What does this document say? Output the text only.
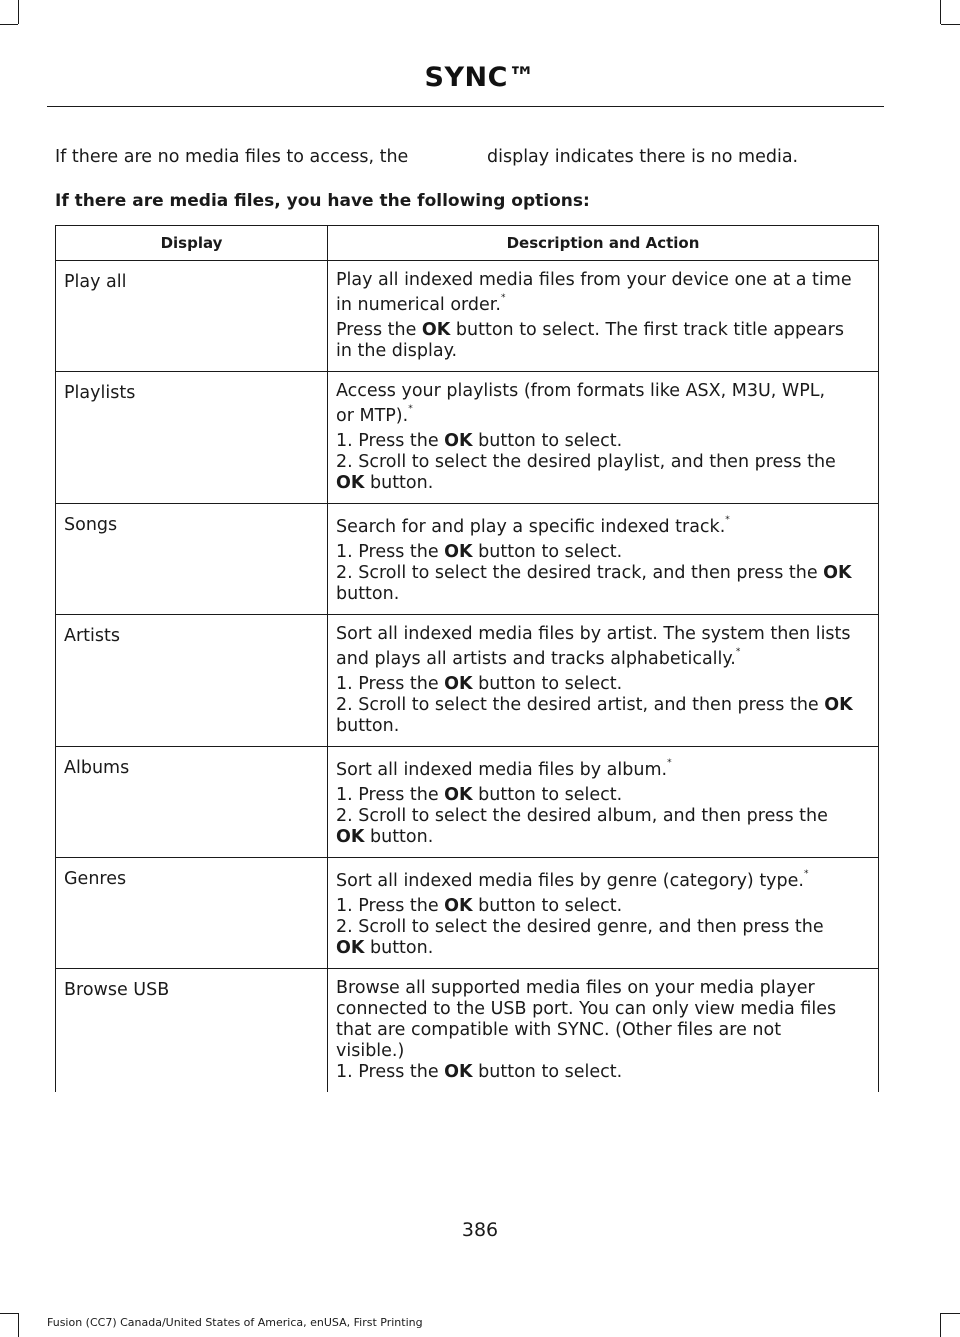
SYNC™
If there are no media files to access, the	display indicates there is no media.
If there are media files, you have the following options:
Display	Description and Action
Play all	Play all indexed media files from your device one at a time
in numerical order.*
Press the OK button to select. The first track title appears
in the display.

Playlists	Access your playlists (from formats like ASX, M3U, WPL,
or MTP).*
1. Press the OK button to select.
2. Scroll to select the desired playlist, and then press the
OK button.

Songs	Search for and play a specific indexed track.*
1. Press the OK button to select.
2. Scroll to select the desired track, and then press the OK
button.

Artists	Sort all indexed media files by artist. The system then lists
and plays all artists and tracks alphabetically.*
1. Press the OK button to select.
2. Scroll to select the desired artist, and then press the OK
button.

Albums	Sort all indexed media files by album.*
1. Press the OK button to select.
2. Scroll to select the desired album, and then press the
OK button.

Genres	Sort all indexed media files by genre (category) type.*
1. Press the OK button to select.
2. Scroll to select the desired genre, and then press the
OK button.

Browse USB	Browse all supported media files on your media player
connected to the USB port. You can only view media files
that are compatible with SYNC. (Other files are not
visible.)
1. Press the OK button to select.
386
Fusion (CC7) Canada/United States of America, enUSA, First Printing
